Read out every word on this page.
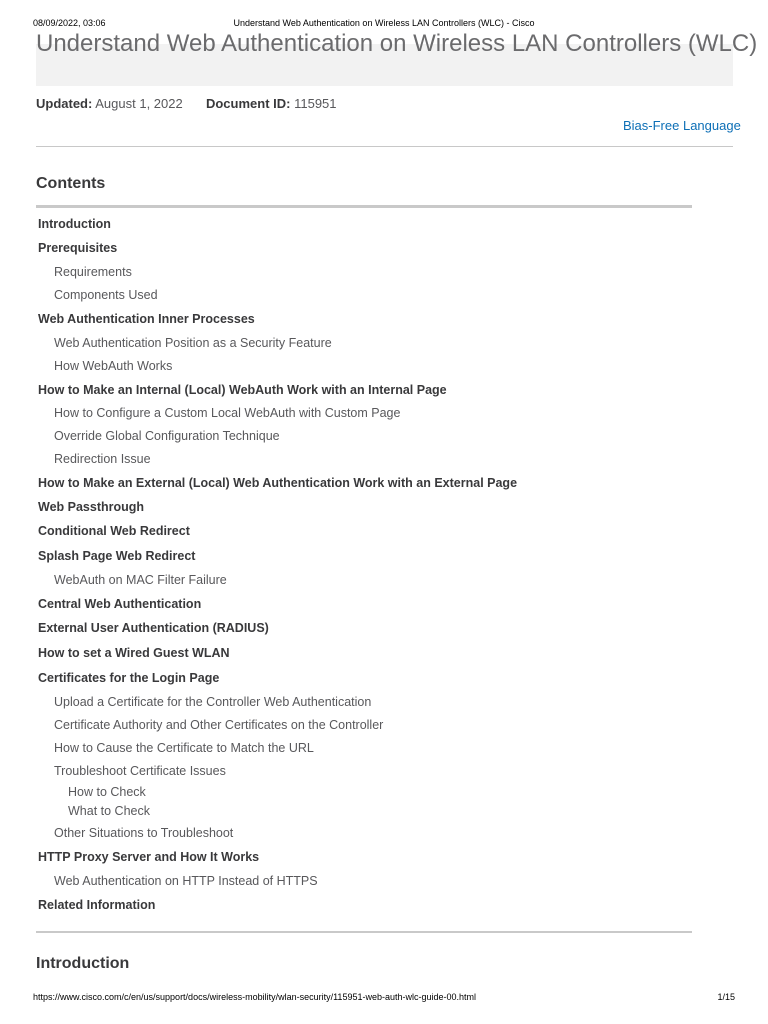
08/09/2022, 03:06	Understand Web Authentication on Wireless LAN Controllers (WLC) - Cisco
Understand Web Authentication on Wireless LAN Controllers (WLC)
Updated: August 1, 2022 Document ID: 115951
Bias-Free Language
Contents
Introduction
Prerequisites
Requirements
Components Used
Web Authentication Inner Processes
Web Authentication Position as a Security Feature
How WebAuth Works
How to Make an Internal (Local) WebAuth Work with an Internal Page
How to Configure a Custom Local WebAuth with Custom Page
Override Global Configuration Technique
Redirection Issue
How to Make an External (Local) Web Authentication Work with an External Page
Web Passthrough
Conditional Web Redirect
Splash Page Web Redirect
WebAuth on MAC Filter Failure
Central Web Authentication
External User Authentication (RADIUS)
How to set a Wired Guest WLAN
Certificates for the Login Page
Upload a Certificate for the Controller Web Authentication
Certificate Authority and Other Certificates on the Controller
How to Cause the Certificate to Match the URL
Troubleshoot Certificate Issues
How to Check
What to Check
Other Situations to Troubleshoot
HTTP Proxy Server and How It Works
Web Authentication on HTTP Instead of HTTPS
Related Information
Introduction
https://www.cisco.com/c/en/us/support/docs/wireless-mobility/wlan-security/115951-web-auth-wlc-guide-00.html	1/15
